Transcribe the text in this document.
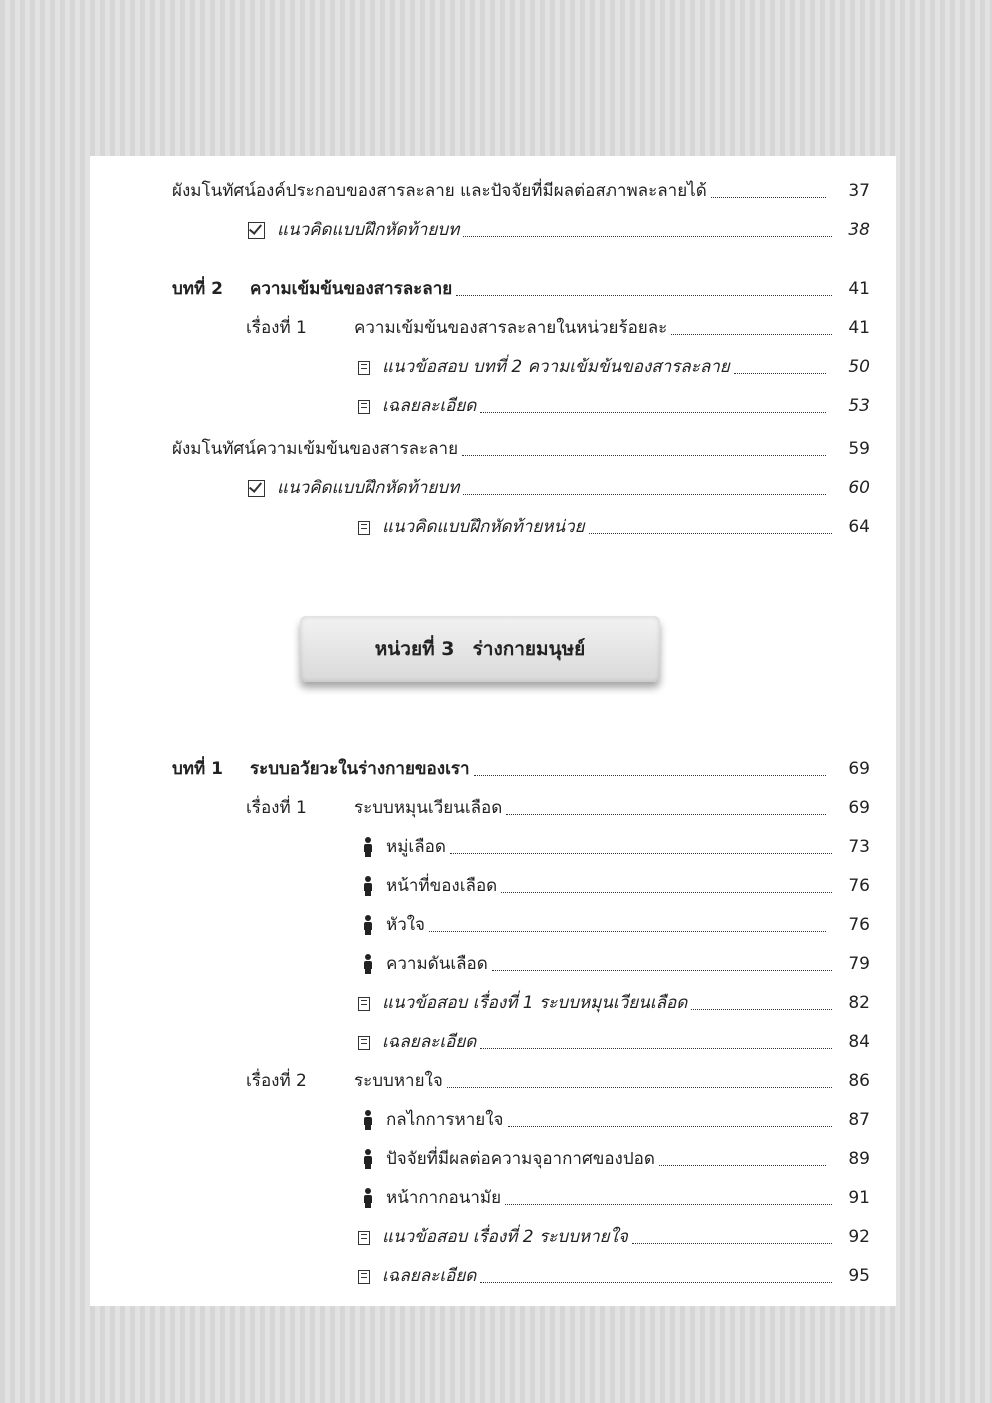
ผังมโนทัศน์องค์ประกอบของสารละลาย และปัจจัยที่มีผลต่อสภาพละลายได้	37
แนวคิดแบบฝึกหัดท้ายบท	38
บทที่ 2 ความเข้มข้นของสารละลาย	41
เรื่องที่ 1	ความเข้มข้นของสารละลายในหน่วยร้อยละ	41
แนวข้อสอบ บทที่ 2 ความเข้มข้นของสารละลาย	50
เฉลยละเอียด	53
ผังมโนทัศน์ความเข้มข้นของสารละลาย	59
แนวคิดแบบฝึกหัดท้ายบท	60
แนวคิดแบบฝึกหัดท้ายหน่วย	64
หน่วยที่ 3 ร่างกายมนุษย์
บทที่ 1 ระบบอวัยวะในร่างกายของเรา	69
เรื่องที่ 1	ระบบหมุนเวียนเลือด	69
หมู่เลือด	73
หน้าที่ของเลือด	76
หัวใจ	76
ความดันเลือด	79
แนวข้อสอบ เรื่องที่ 1 ระบบหมุนเวียนเลือด	82
เฉลยละเอียด	84
เรื่องที่ 2	ระบบหายใจ	86
กลไกการหายใจ	87
ปัจจัยที่มีผลต่อความจุอากาศของปอด	89
หน้ากากอนามัย	91
แนวข้อสอบ เรื่องที่ 2 ระบบหายใจ	92
เฉลยละเอียด	95
